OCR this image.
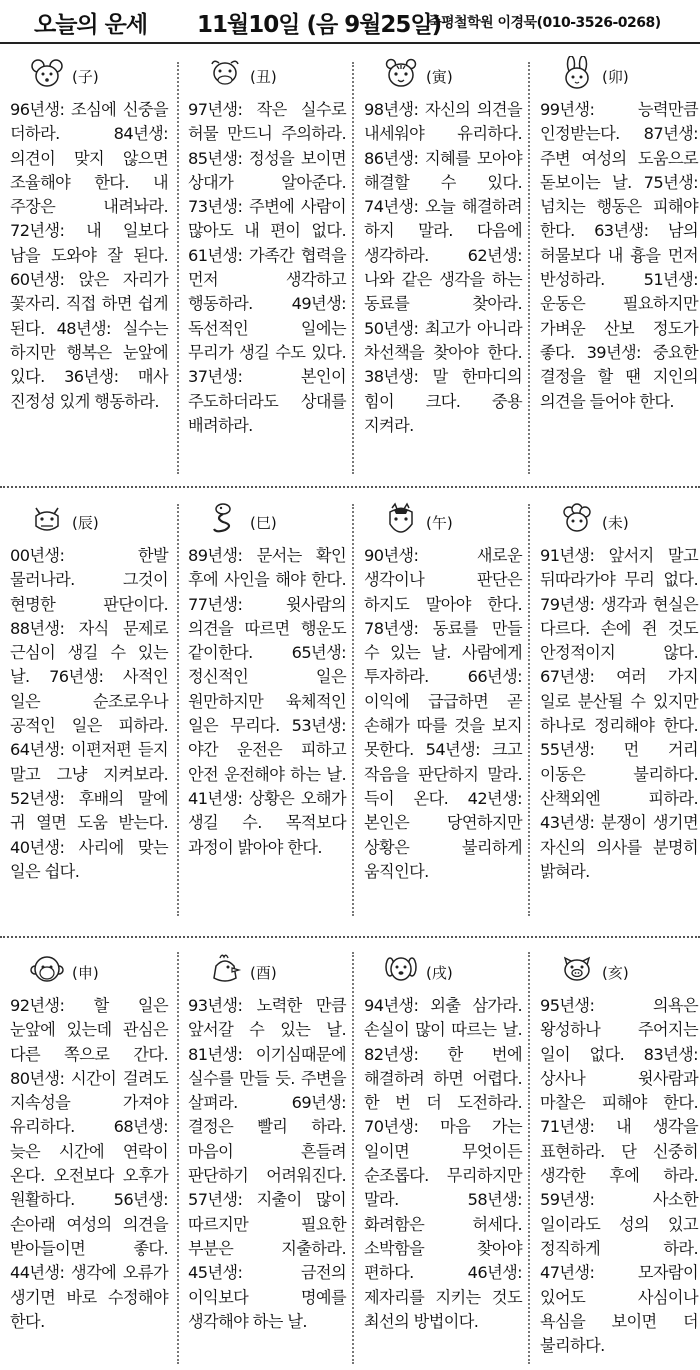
오늘의 운세 11월10일 (음 9월25일)
죽평철학원 이경묵(010-3526-0268)
(子)
96년생: 조심에 신중을 더하라. 84년생: 의견이 맞지 않으면 조율해야 한다. 내 주장은 내려놔라. 72년생: 내 일보다 남을 도와야 잘 된다. 60년생: 앉은 자리가 꽃자리. 직접 하면 쉽게 된다. 48년생: 실수는 하지만 행복은 눈앞에 있다. 36년생: 매사 진정성 있게 행동하라.
(丑)
97년생: 작은 실수로 허물 만드니 주의하라. 85년생: 정성을 보이면 상대가 알아준다. 73년생: 주변에 사람이 많아도 내 편이 없다. 61년생: 가족간 협력을 먼저 생각하고 행동하라. 49년생: 독선적인 일에는 무리가 생길 수도 있다. 37년생: 본인이 주도하더라도 상대를 배려하라.
(寅)
98년생: 자신의 의견을 내세워야 유리하다. 86년생: 지혜를 모아야 해결할 수 있다. 74년생: 오늘 해결하려 하지 말라. 다음에 생각하라. 62년생: 나와 같은 생각을 하는 동료를 찾아라. 50년생: 최고가 아니라 차선책을 찾아야 한다. 38년생: 말 한마디의 힘이 크다. 중용 지켜라.
(卯)
99년생: 능력만큼 인정받는다. 87년생: 주변 여성의 도움으로 돋보이는 날. 75년생: 넘치는 행동은 피해야 한다. 63년생: 남의 허물보다 내 흉을 먼저 반성하라. 51년생: 운동은 필요하지만 가벼운 산보 정도가 좋다. 39년생: 중요한 결정을 할 땐 지인의 의견을 들어야 한다.
(辰)
00년생: 한발 물러나라. 그것이 현명한 판단이다. 88년생: 자식 문제로 근심이 생길 수 있는 날. 76년생: 사적인 일은 순조로우나 공적인 일은 피하라. 64년생: 이편저편 듣지 말고 그냥 지켜보라. 52년생: 후배의 말에 귀 열면 도움 받는다. 40년생: 사리에 맞는 일은 쉽다.
(巳)
89년생: 문서는 확인 후에 사인을 해야 한다. 77년생: 윗사람의 의견을 따르면 행운도 같이한다. 65년생: 정신적인 일은 원만하지만 육체적인 일은 무리다. 53년생: 야간 운전은 피하고 안전 운전해야 하는 날. 41년생: 상황은 오해가 생길 수. 목적보다 과정이 밝아야 한다.
(午)
90년생: 새로운 생각이나 판단은 하지도 말아야 한다. 78년생: 동료를 만들 수 있는 날. 사람에게 투자하라. 66년생: 이익에 급급하면 곧 손해가 따를 것을 보지 못한다. 54년생: 크고 작음을 판단하지 말라. 득이 온다. 42년생: 본인은 당연하지만 상황은 불리하게 움직인다.
(未)
91년생: 앞서지 말고 뒤따라가야 무리 없다. 79년생: 생각과 현실은 다르다. 손에 쥔 것도 안정적이지 않다. 67년생: 여러 가지 일로 분산될 수 있지만 하나로 정리해야 한다. 55년생: 먼 거리 이동은 불리하다. 산책외엔 피하라. 43년생: 분쟁이 생기면 자신의 의사를 분명히 밝혀라.
(申)
92년생: 할 일은 눈앞에 있는데 관심은 다른 쪽으로 간다. 80년생: 시간이 걸려도 지속성을 가져야 유리하다. 68년생: 늦은 시간에 연락이 온다. 오전보다 오후가 원활하다. 56년생: 손아래 여성의 의견을 받아들이면 좋다. 44년생: 생각에 오류가 생기면 바로 수정해야 한다.
(酉)
93년생: 노력한 만큼 앞서갈 수 있는 날. 81년생: 이기심때문에 실수를 만들 듯. 주변을 살펴라. 69년생: 결정은 빨리 하라. 마음이 흔들려 판단하기 어려워진다. 57년생: 지출이 많이 따르지만 필요한 부분은 지출하라. 45년생: 금전의 이익보다 명예를 생각해야 하는 날.
(戌)
94년생: 외출 삼가라. 손실이 많이 따르는 날. 82년생: 한 번에 해결하려 하면 어렵다. 한 번 더 도전하라. 70년생: 마음 가는 일이면 무엇이든 순조롭다. 무리하지만 말라. 58년생: 화려함은 허세다. 소박함을 찾아야 편하다. 46년생: 제자리를 지키는 것도 최선의 방법이다.
(亥)
95년생: 의욕은 왕성하나 주어지는 일이 없다. 83년생: 상사나 윗사람과 마찰은 피해야 한다. 71년생: 내 생각을 표현하라. 단 신중히 생각한 후에 하라. 59년생: 사소한 일이라도 성의 있고 정직하게 하라. 47년생: 모자람이 있어도 사심이나 욕심을 보이면 더 불리하다.
